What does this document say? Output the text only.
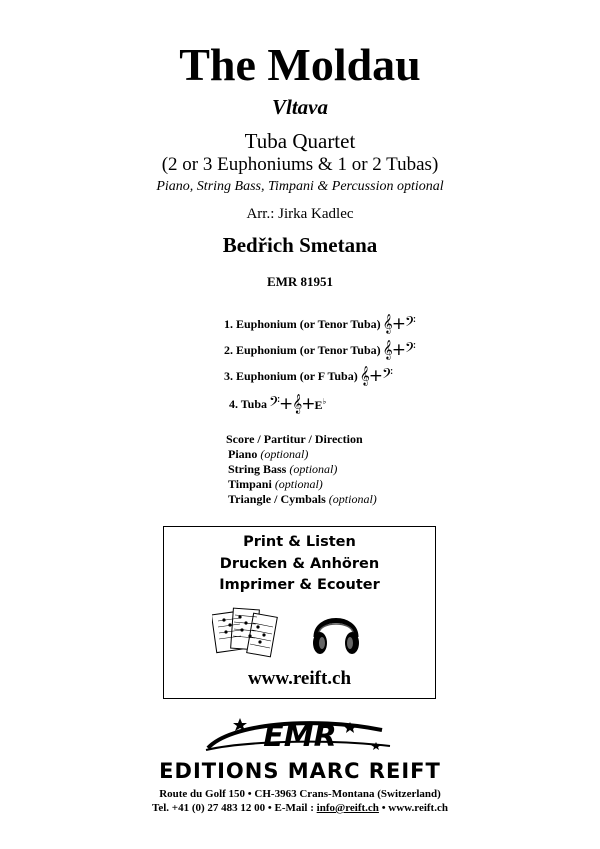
The Moldau
Vltava
Tuba Quartet
(2 or 3 Euphoniums & 1 or 2 Tubas)
Piano, String Bass, Timpani & Percussion optional
Arr.: Jirka Kadlec
Bedřich Smetana
EMR 81951
1. Euphonium (or Tenor Tuba) 𝄞+𝄢
2. Euphonium (or Tenor Tuba) 𝄞+𝄢
3. Euphonium (or F Tuba) 𝄞+𝄢
4. Tuba 𝄢+𝄞+ E♭
Score / Partitur / Direction
Piano (optional)
String Bass (optional)
Timpani (optional)
Triangle / Cymbals (optional)
Print & Listen
Drucken & Anhören
Imprimer & Ecouter
www.reift.ch
EMR
EDITIONS MARC REIFT
Route du Golf 150 • CH-3963 Crans-Montana (Switzerland)
Tel. +41 (0) 27 483 12 00 • E-Mail : info@reift.ch • www.reift.ch
